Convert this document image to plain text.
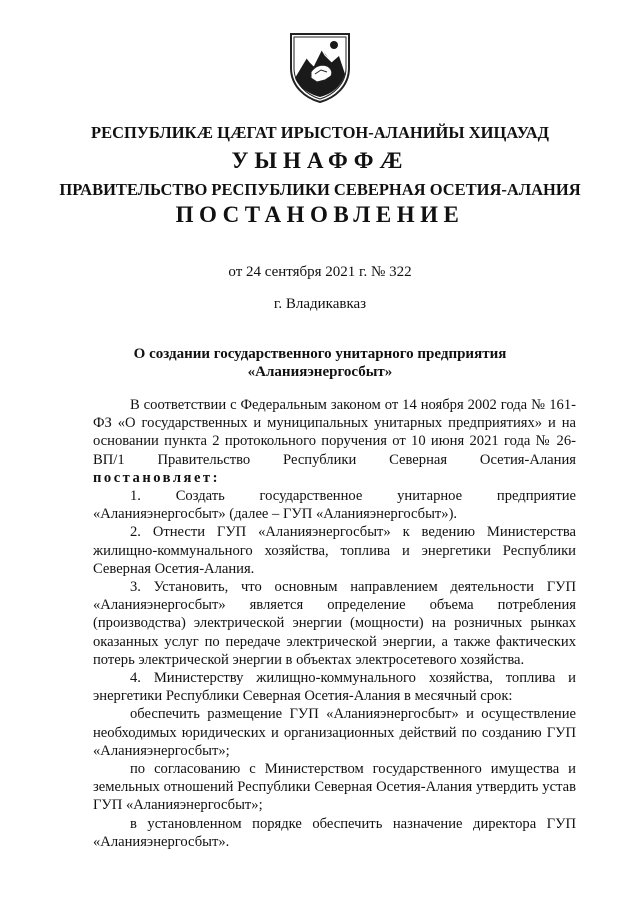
РЕСПУБЛИКӔ ЦӔГАТ ИРЫСТОН-АЛАНИЙЫ ХИЦАУАД
УЫНАФФӔ
ПРАВИТЕЛЬСТВО РЕСПУБЛИКИ СЕВЕРНАЯ ОСЕТИЯ-АЛАНИЯ
ПОСТАНОВЛЕНИЕ
от 24 сентября 2021 г. № 322
г. Владикавказ
О создании государственного унитарного предприятия
«Аланияэнергосбыт»

В соответствии с Федеральным законом от 14 ноября 2002 года № 161-ФЗ «О государственных и муниципальных унитарных предприятиях» и на основании пункта 2 протокольного поручения от 10 июня 2021 года № 26-ВП/1 Правительство Республики Северная Осетия-Алания постановляет:

1. Создать государственное унитарное предприятие «Аланияэнергосбыт» (далее – ГУП «Аланияэнергосбыт»).

2. Отнести ГУП «Аланияэнергосбыт» к ведению Министерства жилищно-коммунального хозяйства, топлива и энергетики Республики Северная Осетия-Алания.

3. Установить, что основным направлением деятельности ГУП «Аланияэнергосбыт» является определение объема потребления (производства) электрической энергии (мощности) на розничных рынках оказанных услуг по передаче электрической энергии, а также фактических потерь электрической энергии в объектах электросетевого хозяйства.

4. Министерству жилищно-коммунального хозяйства, топлива и энергетики Республики Северная Осетия-Алания в месячный срок:

обеспечить размещение ГУП «Аланияэнергосбыт» и осуществление необходимых юридических и организационных действий по созданию ГУП «Аланияэнергосбыт»;

по согласованию с Министерством государственного имущества и земельных отношений Республики Северная Осетия-Алания утвердить устав ГУП «Аланияэнергосбыт»;

в установленном порядке обеспечить назначение директора ГУП «Аланияэнергосбыт».
